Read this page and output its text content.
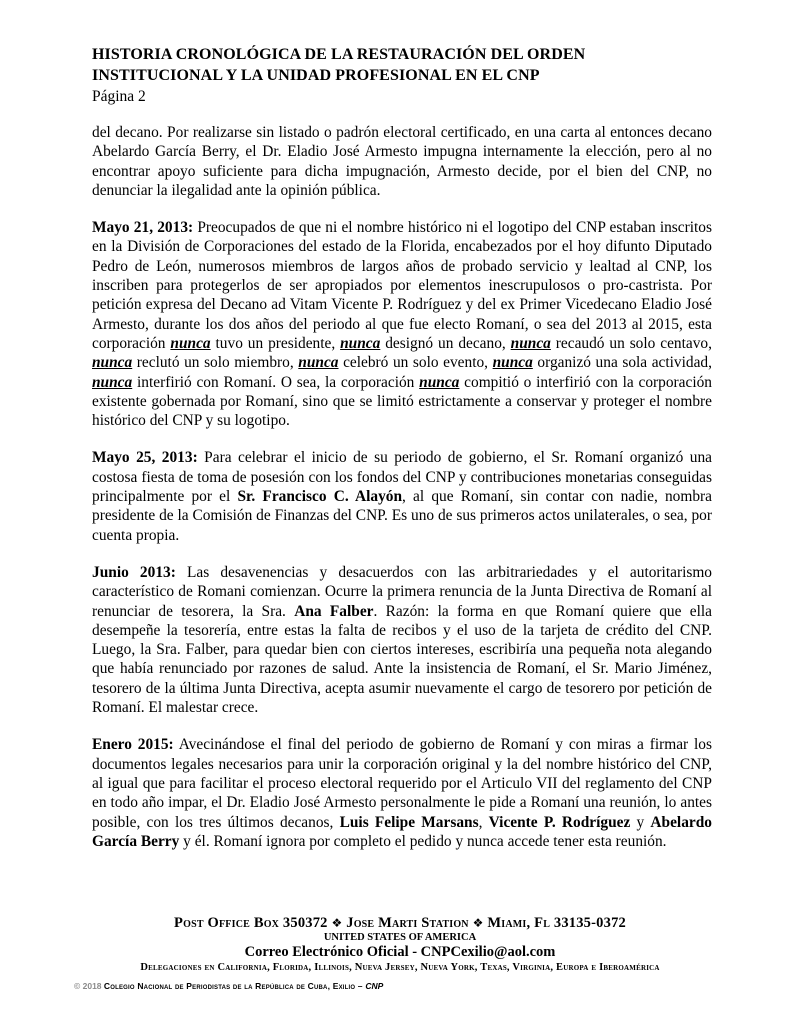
HISTORIA CRONOLÓGICA DE LA RESTAURACIÓN DEL ORDEN
INSTITUCIONAL Y LA UNIDAD PROFESIONAL EN EL CNP
Página 2

del decano. Por realizarse sin listado o padrón electoral certificado, en una carta al entonces decano Abelardo García Berry, el Dr. Eladio José Armesto impugna internamente la elección, pero al no encontrar apoyo suficiente para dicha impugnación, Armesto decide, por el bien del CNP, no denunciar la ilegalidad ante la opinión pública.

Mayo 21, 2013: Preocupados de que ni el nombre histórico ni el logotipo del CNP estaban inscritos en la División de Corporaciones del estado de la Florida, encabezados por el hoy difunto Diputado Pedro de León, numerosos miembros de largos años de probado servicio y lealtad al CNP, los inscriben para protegerlos de ser apropiados por elementos inescrupulosos o pro-castrista. Por petición expresa del Decano ad Vitam Vicente P. Rodríguez y del ex Primer Vicedecano Eladio José Armesto, durante los dos años del periodo al que fue electo Romaní, o sea del 2013 al 2015, esta corporación nunca tuvo un presidente, nunca designó un decano, nunca recaudó un solo centavo, nunca reclutó un solo miembro, nunca celebró un solo evento, nunca organizó una sola actividad, nunca interfirió con Romaní. O sea, la corporación nunca compitió o interfirió con la corporación existente gobernada por Romaní, sino que se limitó estrictamente a conservar y proteger el nombre histórico del CNP y su logotipo.

Mayo 25, 2013: Para celebrar el inicio de su periodo de gobierno, el Sr. Romaní organizó una costosa fiesta de toma de posesión con los fondos del CNP y contribuciones monetarias conseguidas principalmente por el Sr. Francisco C. Alayón, al que Romaní, sin contar con nadie, nombra presidente de la Comisión de Finanzas del CNP. Es uno de sus primeros actos unilaterales, o sea, por cuenta propia.

Junio 2013: Las desavenencias y desacuerdos con las arbitrariedades y el autoritarismo característico de Romani comienzan. Ocurre la primera renuncia de la Junta Directiva de Romaní al renunciar de tesorera, la Sra. Ana Falber. Razón: la forma en que Romaní quiere que ella desempeñe la tesorería, entre estas la falta de recibos y el uso de la tarjeta de crédito del CNP. Luego, la Sra. Falber, para quedar bien con ciertos intereses, escribiría una pequeña nota alegando que había renunciado por razones de salud. Ante la insistencia de Romaní, el Sr. Mario Jiménez, tesorero de la última Junta Directiva, acepta asumir nuevamente el cargo de tesorero por petición de Romaní. El malestar crece.

Enero 2015: Avecinándose el final del periodo de gobierno de Romaní y con miras a firmar los documentos legales necesarios para unir la corporación original y la del nombre histórico del CNP, al igual que para facilitar el proceso electoral requerido por el Articulo VII del reglamento del CNP en todo año impar, el Dr. Eladio José Armesto personalmente le pide a Romaní una reunión, lo antes posible, con los tres últimos decanos, Luis Felipe Marsans, Vicente P. Rodríguez y Abelardo García Berry y él. Romaní ignora por completo el pedido y nunca accede tener esta reunión.

Post Office Box 350372 ❖ Jose Marti Station ❖ Miami, Fl 33135-0372
UNITED STATES OF AMERICA
Correo Electrónico Oficial - CNPCexilio@aol.com
Delegaciones en California, Florida, Illinois, Nueva Jersey, Nueva York, Texas, Virginia, Europa e Iberoamérica
© 2018 Colegio Nacional de Periodistas de la República de Cuba, Exilio – CNP
